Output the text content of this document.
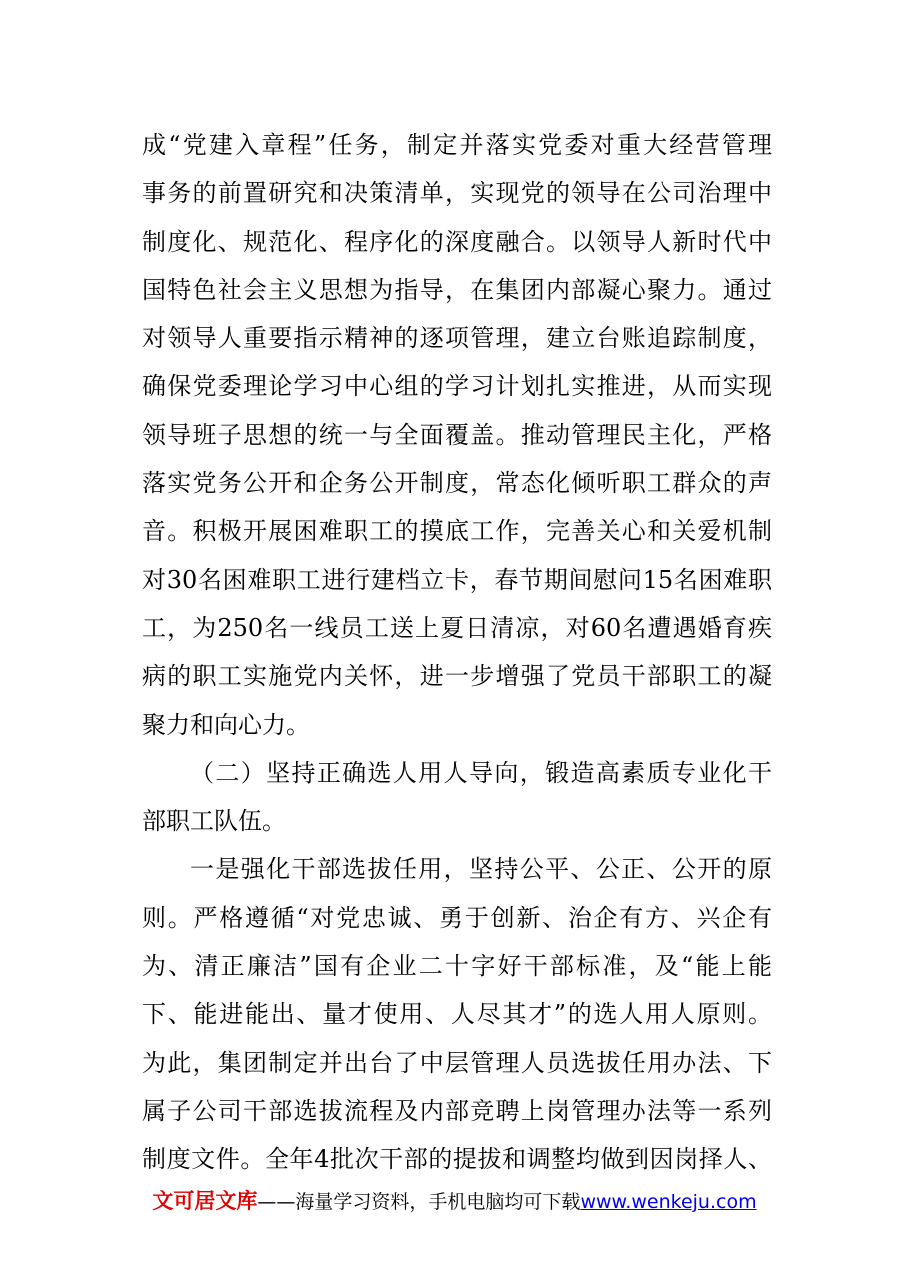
成“党建入章程”任务，制定并落实党委对重大经营管理
事务的前置研究和决策清单，实现党的领导在公司治理中
制度化、规范化、程序化的深度融合。以领导人新时代中
国特色社会主义思想为指导，在集团内部凝心聚力。通过
对领导人重要指示精神的逐项管理，建立台账追踪制度，
确保党委理论学习中心组的学习计划扎实推进，从而实现
领导班子思想的统一与全面覆盖。推动管理民主化，严格
落实党务公开和企务公开制度，常态化倾听职工群众的声
音。积极开展困难职工的摸底工作，完善关心和关爱机制
对30名困难职工进行建档立卡，春节期间慰问15名困难职
工，为250名一线员工送上夏日清凉，对60名遭遇婚育疾
病的职工实施党内关怀，进一步增强了党员干部职工的凝
聚力和向心力。
（二）坚持正确选人用人导向，锻造高素质专业化干
部职工队伍。
一是强化干部选拔任用，坚持公平、公正、公开的原
则。严格遵循“对党忠诚、勇于创新、治企有方、兴企有
为、清正廉洁”国有企业二十字好干部标准，及“能上能
下、能进能出、量才使用、人尽其才”的选人用人原则。
为此，集团制定并出台了中层管理人员选拔任用办法、下
属子公司干部选拔流程及内部竞聘上岗管理办法等一系列
制度文件。全年4批次干部的提拔和调整均做到因岗择人、
文可居文库——海量学习资料，手机电脑均可下载www.wenkeju.com
